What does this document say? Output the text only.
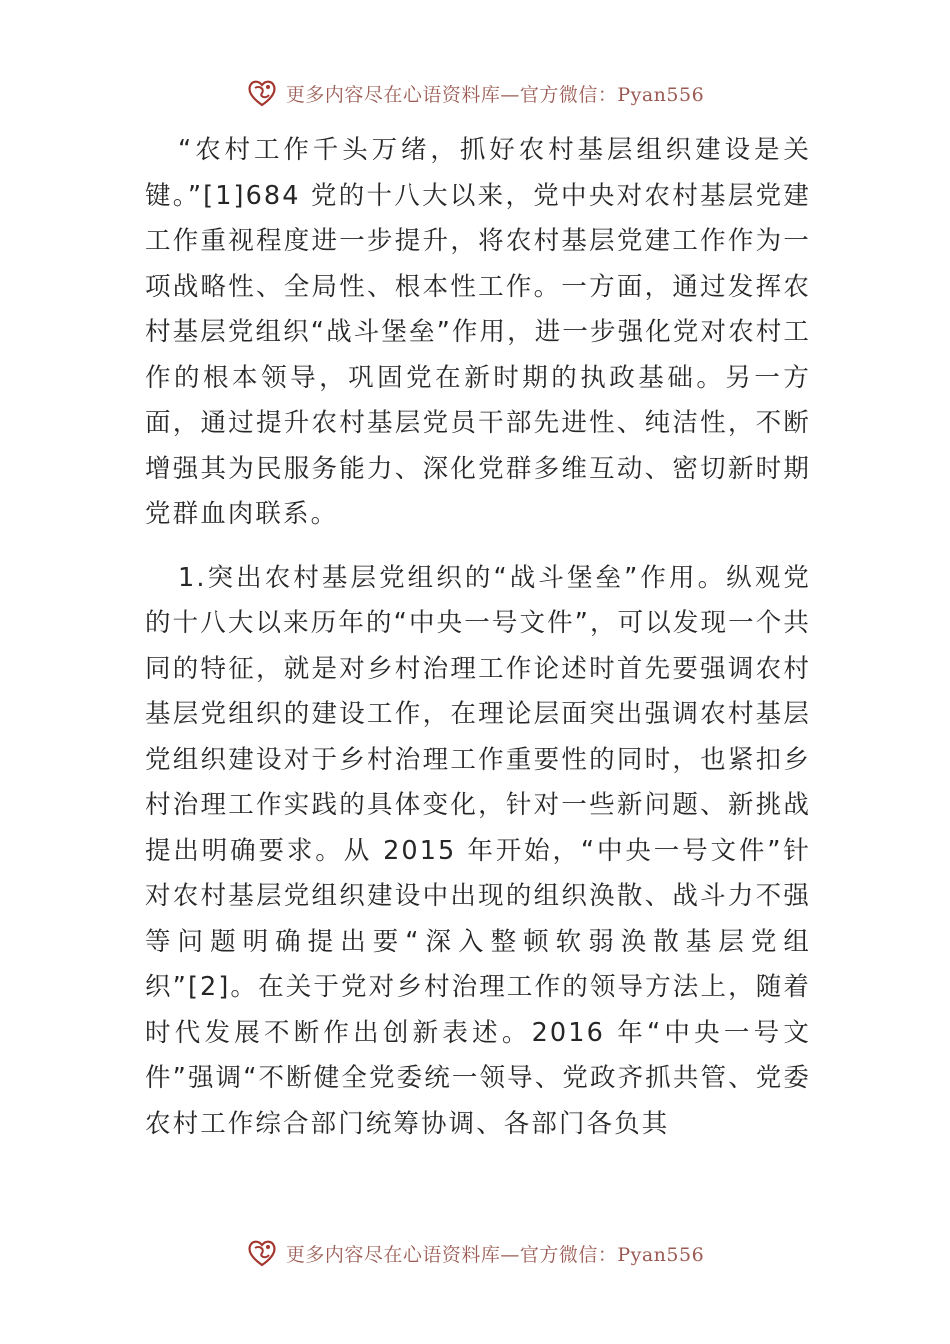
更多内容尽在心语资料库—官方微信：Pyan556

“农村工作千头万绪，抓好农村基层组织建设是关键。”[1]684 党的十八大以来，党中央对农村基层党建工作重视程度进一步提升，将农村基层党建工作作为一项战略性、全局性、根本性工作。一方面，通过发挥农村基层党组织“战斗堡垒”作用，进一步强化党对农村工作的根本领导，巩固党在新时期的执政基础。另一方面，通过提升农村基层党员干部先进性、纯洁性，不断增强其为民服务能力、深化党群多维互动、密切新时期党群血肉联系。

1.突出农村基层党组织的“战斗堡垒”作用。纵观党的十八大以来历年的“中央一号文件”，可以发现一个共同的特征，就是对乡村治理工作论述时首先要强调农村基层党组织的建设工作，在理论层面突出强调农村基层党组织建设对于乡村治理工作重要性的同时，也紧扣乡村治理工作实践的具体变化，针对一些新问题、新挑战提出明确要求。从 2015 年开始，“中央一号文件”针对农村基层党组织建设中出现的组织涣散、战斗力不强等问题明确提出要“深入整顿软弱涣散基层党组织”[2]。在关于党对乡村治理工作的领导方法上，随着时代发展不断作出创新表述。2016 年“中央一号文件”强调“不断健全党委统一领导、党政齐抓共管、党委农村工作综合部门统筹协调、各部门各负其

更多内容尽在心语资料库—官方微信：Pyan556
